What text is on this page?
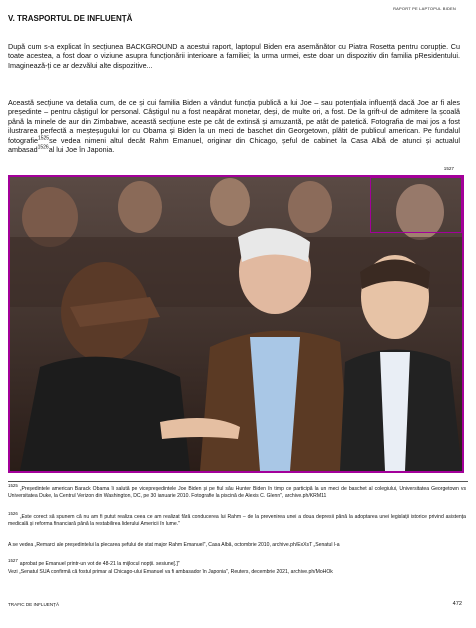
RAPORT PE LAPTOPUL BIDEN
V. TRASPORTUL DE INFLUENȚĂ
După cum s-a explicat în secțiunea BACKGROUND a acestui raport, laptopul Biden era asemănător cu Piatra Rosetta pentru corupție. Cu toate acestea, a fost doar o viziune asupra funcționării interioare a familiei; la urma urmei, este doar un dispozitiv din familia pResidentului. Imaginează-ți ce ar dezvălui alte dispozitive...
Această secțiune va detalia cum, de ce și cui familia Biden a vândut funcția publică a lui Joe – sau potențiala influență dacă Joe ar fi ales președinte – pentru câștigul lor personal. Câștigul nu a fost neapărat monetar, deși, de multe ori, a fost. De la grift-ul de admitere la școală până la minele de aur din Zimbabwe, această secțiune este pe cât de extinsă și amuzantă, pe atât de patetică. Fotografia de mai jos a fost ilustrarea perfectă a meșteșugului lor cu Obama și Biden la un meci de baschet din Georgetown, plătit de publicul american. Pe fundalul fotografie$^{1525}$se vedea nimeni altul decât Rahm Emanuel, originar din Chicago, șeful de cabinet la Casa Albă de atunci și actualul ambasad$^{1526}$al lui Joe în Japonia.
1527
1525„Președintele american Barack Obama îi salută pe vicepreședintele Joe Biden și pe fiul său Hunter Biden în timp ce participă la un meci de baschet al colegiului, Universitatea Georgetown vs Universitatea Duke, la Centrul Verizon din Washington, DC, pe 30 ianuarie 2010. Fotografie la piscină de Alexis C. Glenn", archive.ph/KRM11
1526„Este corect să spunem că nu am fi putut realiza ceea ce am realizat fără conducerea lui Rahm – de la prevenirea unei a doua depresii până la adoptarea unei legislații istorice privind asistența medicală și reforma financiară până la restabilirea liderului Americii în lume."
A se vedea „Remarci ale președintelui la plecarea șefului de stat major Rahm Emanuel", Casa Albă, octombrie 2010, archive.ph/ExXsT „Senatul l-a
1527aprobat pe Emanuel printr-un vot de 48-21 la mijlocul nopții. sesiune[.]"
Vezi „Senatul SUA confirmă că fostul primar al Chicago-ului Emanuel va fi ambasador în Japonia", Reuters, decembrie 2021, archive.ph/MoHOk
TRAFIC DE INFLUENȚĂ	472
